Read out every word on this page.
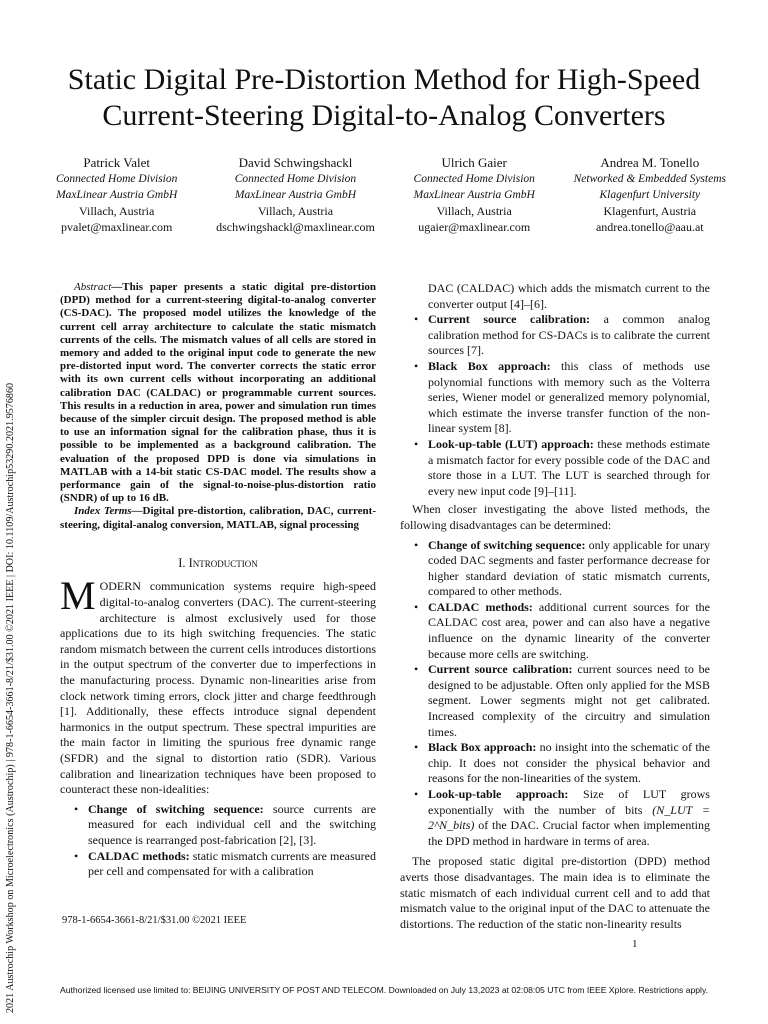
Static Digital Pre-Distortion Method for High-Speed Current-Steering Digital-to-Analog Converters
Patrick Valet
Connected Home Division
MaxLinear Austria GmbH
Villach, Austria
pvalet@maxlinear.com
David Schwingshackl
Connected Home Division
MaxLinear Austria GmbH
Villach, Austria
dschwingshackl@maxlinear.com
Ulrich Gaier
Connected Home Division
MaxLinear Austria GmbH
Villach, Austria
ugaier@maxlinear.com
Andrea M. Tonello
Networked & Embedded Systems
Klagenfurt University
Klagenfurt, Austria
andrea.tonello@aau.at
2021 Austrochip Workshop on Microelectronics (Austrochip) | 978-1-6654-3661-8/21/$31.00 ©2021 IEEE | DOI: 10.1109/Austrochip53290.2021.9576860
Abstract—This paper presents a static digital pre-distortion (DPD) method for a current-steering digital-to-analog converter (CS-DAC). The proposed model utilizes the knowledge of the current cell array architecture to calculate the static mismatch currents of the cells. The mismatch values of all cells are stored in memory and added to the original input code to generate the new pre-distorted input word. The converter corrects the static error with its own current cells without incorporating an additional calibration DAC (CALDAC) or programmable current sources. This results in a reduction in area, power and simulation run times because of the simpler circuit design. The proposed method is able to use an information signal for the calibration phase, thus it is possible to be implemented as a background calibration. The evaluation of the proposed DPD is done via simulations in MATLAB with a 14-bit static CS-DAC model. The results show a performance gain of the signal-to-noise-plus-distortion ratio (SNDR) of up to 16 dB.
Index Terms—Digital pre-distortion, calibration, DAC, current-steering, digital-analog conversion, MATLAB, signal processing
I. Introduction
MODERN communication systems require high-speed digital-to-analog converters (DAC). The current-steering architecture is almost exclusively used for those applications due to its high switching frequencies. The static random mismatch between the current cells introduces distortions in the output spectrum of the converter due to imperfections in the manufacturing process. Dynamic non-linearities arise from clock network timing errors, clock jitter and charge feedthrough [1]. Additionally, these effects introduce signal dependent harmonics in the output spectrum. These spectral impurities are the main factor in limiting the spurious free dynamic range (SFDR) and the signal to distortion ratio (SDR). Various calibration and linearization techniques have been proposed to counteract these non-idealities:
• Change of switching sequence: source currents are measured for each individual cell and the switching sequence is rearranged post-fabrication [2], [3].
• CALDAC methods: static mismatch currents are measured per cell and compensated for with a calibration
DAC (CALDAC) which adds the mismatch current to the converter output [4]–[6].
• Current source calibration: a common analog calibration method for CS-DACs is to calibrate the current sources [7].
• Black Box approach: this class of methods use polynomial functions with memory such as the Volterra series, Wiener model or generalized memory polynomial, which estimate the inverse transfer function of the non-linear system [8].
• Look-up-table (LUT) approach: these methods estimate a mismatch factor for every possible code of the DAC and store those in a LUT. The LUT is searched through for every new input code [9]–[11].
When closer investigating the above listed methods, the following disadvantages can be determined:
• Change of switching sequence: only applicable for unary coded DAC segments and faster performance decrease for higher standard deviation of static mismatch currents, compared to other methods.
• CALDAC methods: additional current sources for the CALDAC cost area, power and can also have a negative influence on the dynamic linearity of the converter because more cells are switching.
• Current source calibration: current sources need to be designed to be adjustable. Often only applied for the MSB segment. Lower segments might not get calibrated. Increased complexity of the circuitry and simulation times.
• Black Box approach: no insight into the schematic of the chip. It does not consider the physical behavior and reasons for the non-linearities of the system.
• Look-up-table approach: Size of LUT grows exponentially with the number of bits (N_LUT = 2^N_bits) of the DAC. Crucial factor when implementing the DPD method in hardware in terms of area.
The proposed static digital pre-distortion (DPD) method averts those disadvantages. The main idea is to eliminate the static mismatch of each individual current cell and to add that mismatch value to the original input of the DAC to attenuate the distortions. The reduction of the static non-linearity results
978-1-6654-3661-8/21/$31.00 ©2021 IEEE
1
Authorized licensed use limited to: BEIJING UNIVERSITY OF POST AND TELECOM. Downloaded on July 13,2023 at 02:08:05 UTC from IEEE Xplore. Restrictions apply.
